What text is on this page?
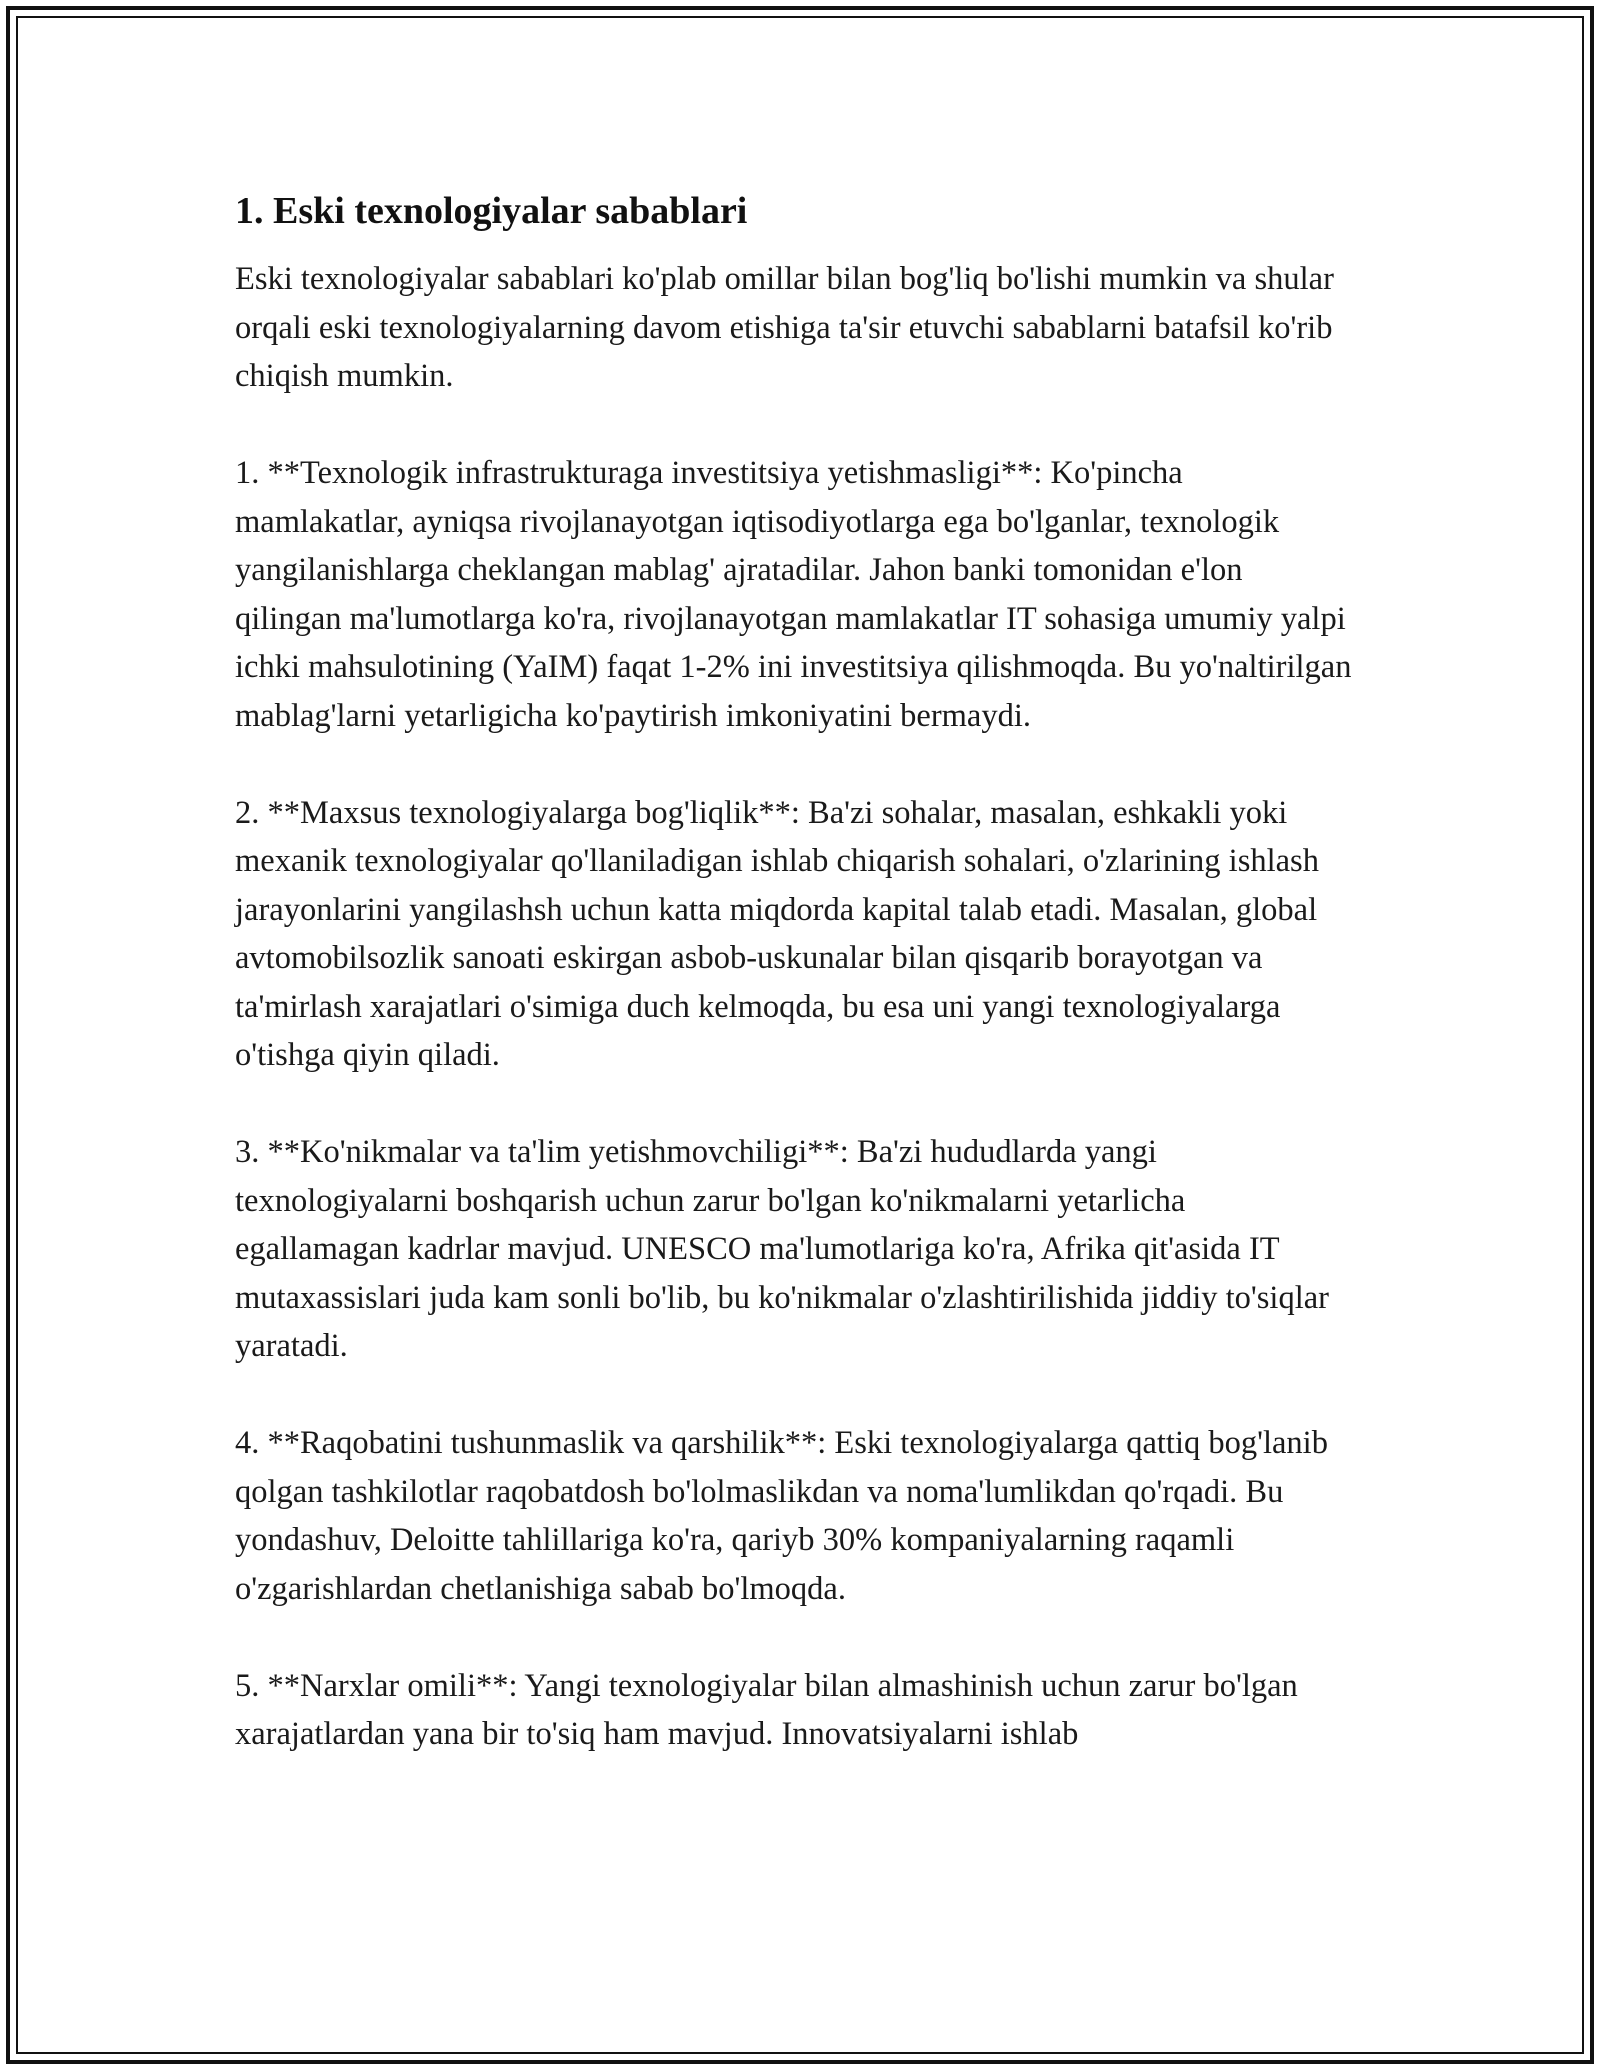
1. Eski texnologiyalar sabablari

Eski texnologiyalar sabablari ko'plab omillar bilan bog'liq bo'lishi mumkin va shular orqali eski texnologiyalarning davom etishiga ta'sir etuvchi sabablarni batafsil ko'rib chiqish mumkin.

1. **Texnologik infrastrukturaga investitsiya yetishmasligi**: Ko'pincha mamlakatlar, ayniqsa rivojlanayotgan iqtisodiyotlarga ega bo'lganlar, texnologik yangilanishlarga cheklangan mablag' ajratadilar. Jahon banki tomonidan e'lon qilingan ma'lumotlarga ko'ra, rivojlanayotgan mamlakatlar IT sohasiga umumiy yalpi ichki mahsulotining (YaIM) faqat 1-2% ini investitsiya qilishmoqda. Bu yo'naltirilgan mablag'larni yetarligicha ko'paytirish imkoniyatini bermaydi.

2. **Maxsus texnologiyalarga bog'liqlik**: Ba'zi sohalar, masalan, eshkakli yoki mexanik texnologiyalar qo'llaniladigan ishlab chiqarish sohalari, o'zlarining ishlash jarayonlarini yangilashsh uchun katta miqdorda kapital talab etadi. Masalan, global avtomobilsozlik sanoati eskirgan asbob-uskunalar bilan qisqarib borayotgan va ta'mirlash xarajatlari o'simiga duch kelmoqda, bu esa uni yangi texnologiyalarga o'tishga qiyin qiladi.

3. **Ko'nikmalar va ta'lim yetishmovchiligi**: Ba'zi hududlarda yangi texnologiyalarni boshqarish uchun zarur bo'lgan ko'nikmalarni yetarlicha egallamagan kadrlar mavjud. UNESCO ma'lumotlariga ko'ra, Afrika qit'asida IT mutaxassislari juda kam sonli bo'lib, bu ko'nikmalar o'zlashtirilishida jiddiy to'siqlar yaratadi.

4. **Raqobatini tushunmaslik va qarshilik**: Eski texnologiyalarga qattiq bog'lanib qolgan tashkilotlar raqobatdosh bo'lolmaslikdan va noma'lumlikdan qo'rqadi. Bu yondashuv, Deloitte tahlillariga ko'ra, qariyb 30% kompaniyalarning raqamli o'zgarishlardan chetlanishiga sabab bo'lmoqda.

5. **Narxlar omili**: Yangi texnologiyalar bilan almashinish uchun zarur bo'lgan xarajatlardan yana bir to'siq ham mavjud. Innovatsiyalarni ishlab
